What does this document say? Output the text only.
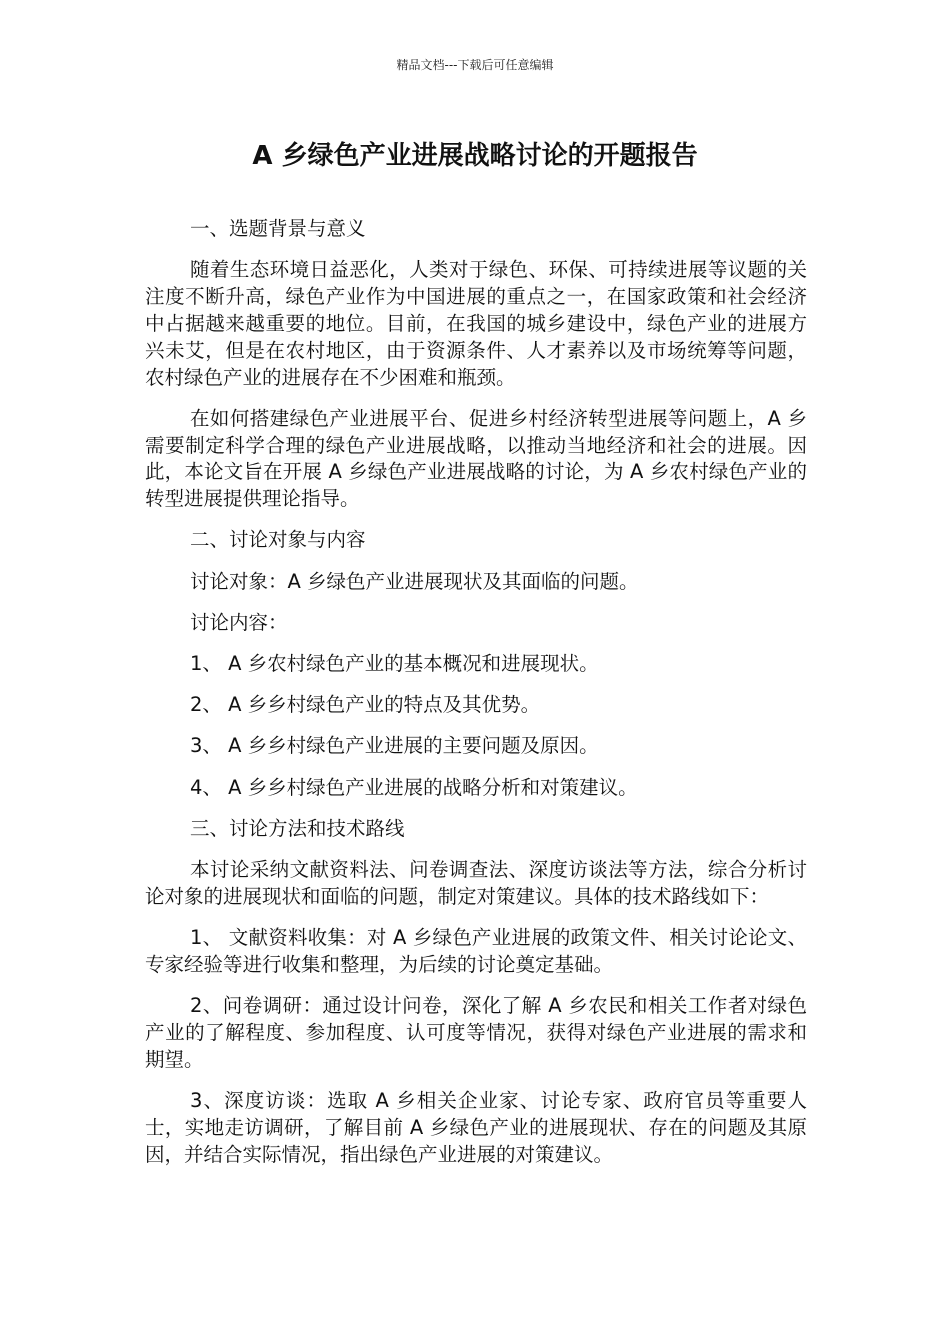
精品文档---下载后可任意编辑
A 乡绿色产业进展战略讨论的开题报告

一、选题背景与意义

随着生态环境日益恶化，人类对于绿色、环保、可持续进展等议题的关注度不断升高，绿色产业作为中国进展的重点之一，在国家政策和社会经济中占据越来越重要的地位。目前，在我国的城乡建设中，绿色产业的进展方兴未艾，但是在农村地区，由于资源条件、人才素养以及市场统筹等问题，农村绿色产业的进展存在不少困难和瓶颈。

在如何搭建绿色产业进展平台、促进乡村经济转型进展等问题上，A 乡需要制定科学合理的绿色产业进展战略，以推动当地经济和社会的进展。因此，本论文旨在开展 A 乡绿色产业进展战略的讨论，为 A 乡农村绿色产业的转型进展提供理论指导。

二、讨论对象与内容

讨论对象：A 乡绿色产业进展现状及其面临的问题。

讨论内容：

1、 A 乡农村绿色产业的基本概况和进展现状。

2、 A 乡乡村绿色产业的特点及其优势。

3、 A 乡乡村绿色产业进展的主要问题及原因。

4、 A 乡乡村绿色产业进展的战略分析和对策建议。

三、讨论方法和技术路线

本讨论采纳文献资料法、问卷调查法、深度访谈法等方法，综合分析讨论对象的进展现状和面临的问题，制定对策建议。具体的技术路线如下：

1、 文献资料收集：对 A 乡绿色产业进展的政策文件、相关讨论论文、专家经验等进行收集和整理，为后续的讨论奠定基础。

2、问卷调研：通过设计问卷，深化了解 A 乡农民和相关工作者对绿色产业的了解程度、参加程度、认可度等情况，获得对绿色产业进展的需求和期望。

3、深度访谈：选取 A 乡相关企业家、讨论专家、政府官员等重要人士，实地走访调研，了解目前 A 乡绿色产业的进展现状、存在的问题及其原因，并结合实际情况，指出绿色产业进展的对策建议。
